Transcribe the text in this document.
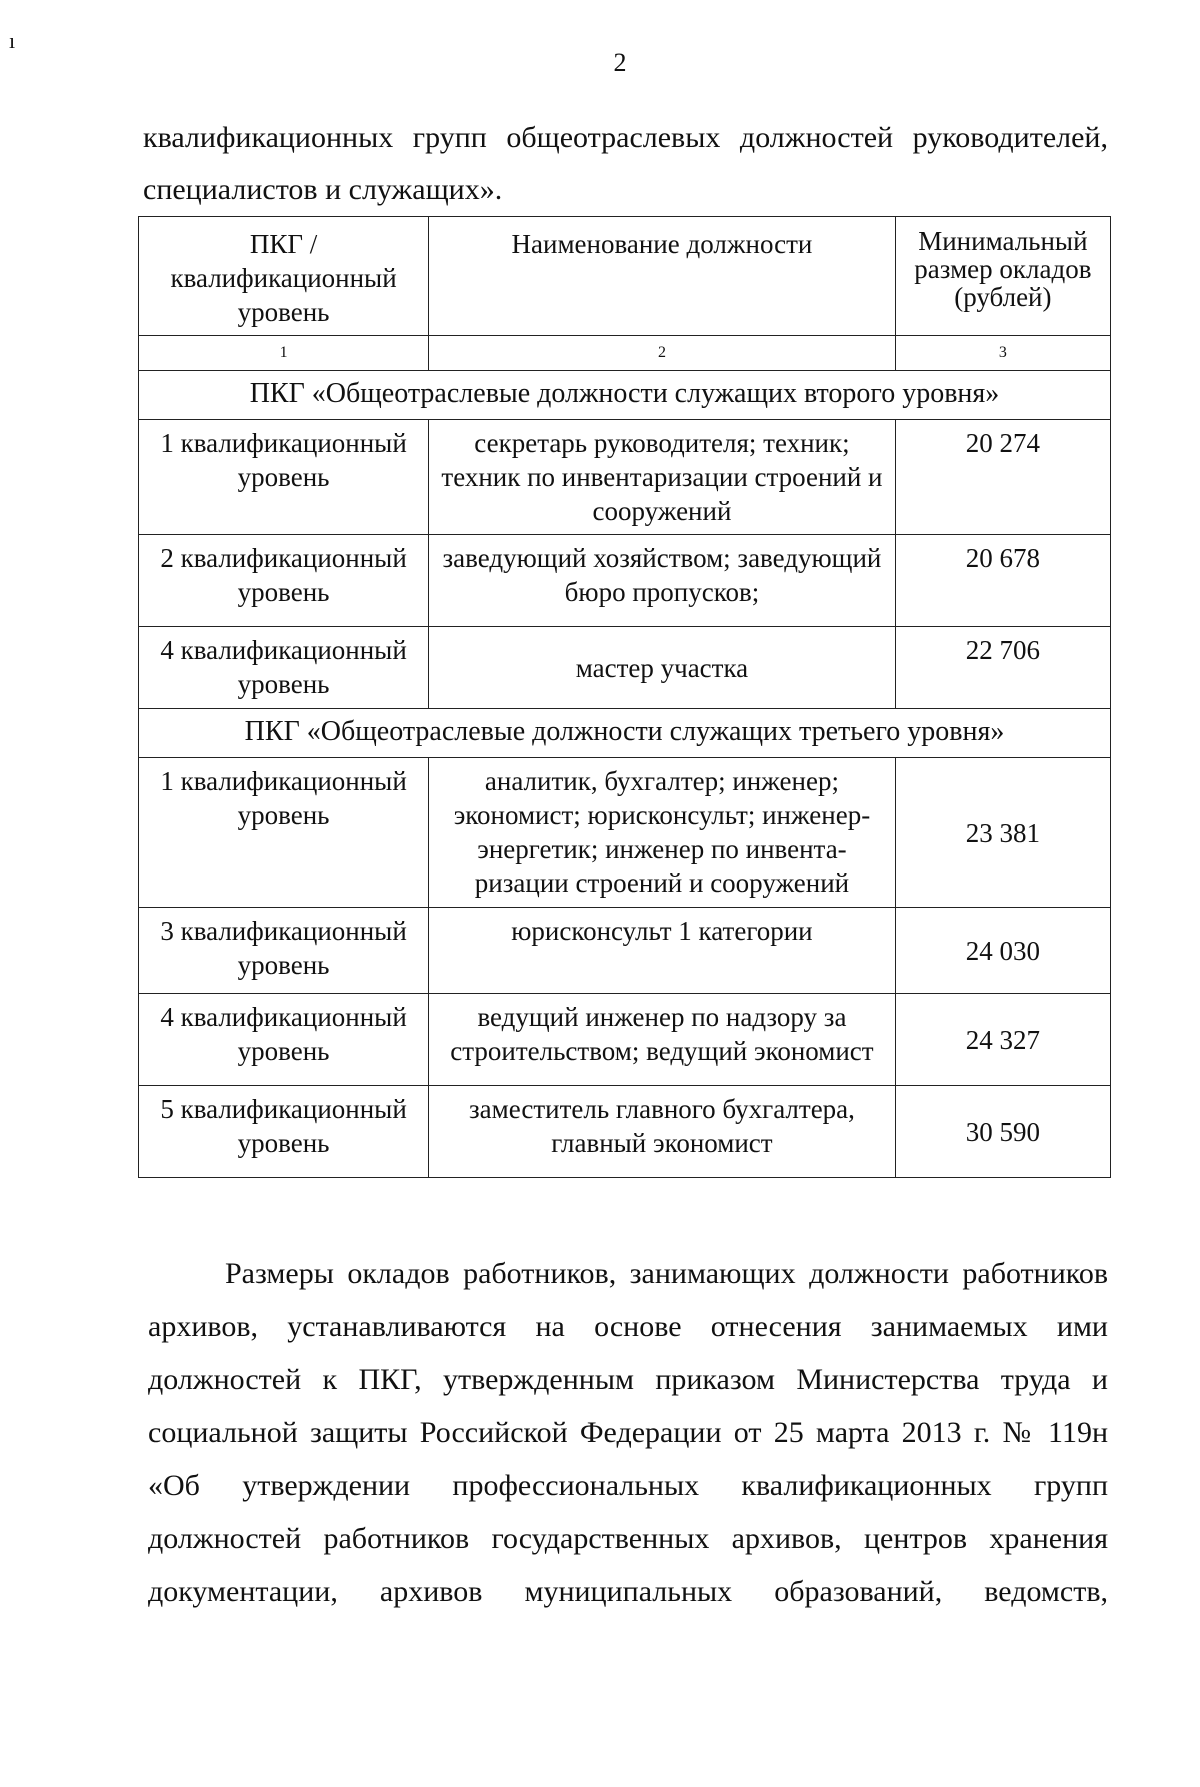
ı
2
квалификационных групп общеотраслевых должностей руководителей,
специалистов и служащих».
ПКГ / квалификационный уровень	Наименование должности	Минимальный размер окладов (рублей)
1	2	3
ПКГ «Общеотраслевые должности служащих второго уровня»		
1 квалификационный уровень	секретарь руководителя; техник; техник по инвентаризации строений и сооружений	20 274
2 квалификационный уровень	заведующий хозяйством; заведующий бюро пропусков;	20 678
4 квалификационный уровень	мастер участка	22 706
ПКГ «Общеотраслевые должности служащих третьего уровня»		
1 квалификационный уровень	аналитик, бухгалтер; инженер; экономист; юрисконсульт; инженер-энергетик; инженер по инвента-ризации строений и сооружений	23 381
3 квалификационный уровень	юрисконсульт 1 категории	24 030
4 квалификационный уровень	ведущий инженер по надзору за строительством; ведущий экономист	24 327
5 квалификационный уровень	заместитель главного бухгалтера, главный экономист	30 590
Размеры окладов работников, занимающих должности работников
архивов, устанавливаются на основе отнесения занимаемых ими
должностей к ПКГ, утвержденным приказом Министерства труда и
социальной защиты Российской Федерации от 25 марта 2013 г. № 119н
«Об утверждении профессиональных квалификационных групп
должностей работников государственных архивов, центров хранения
документации, архивов муниципальных образований, ведомств,
